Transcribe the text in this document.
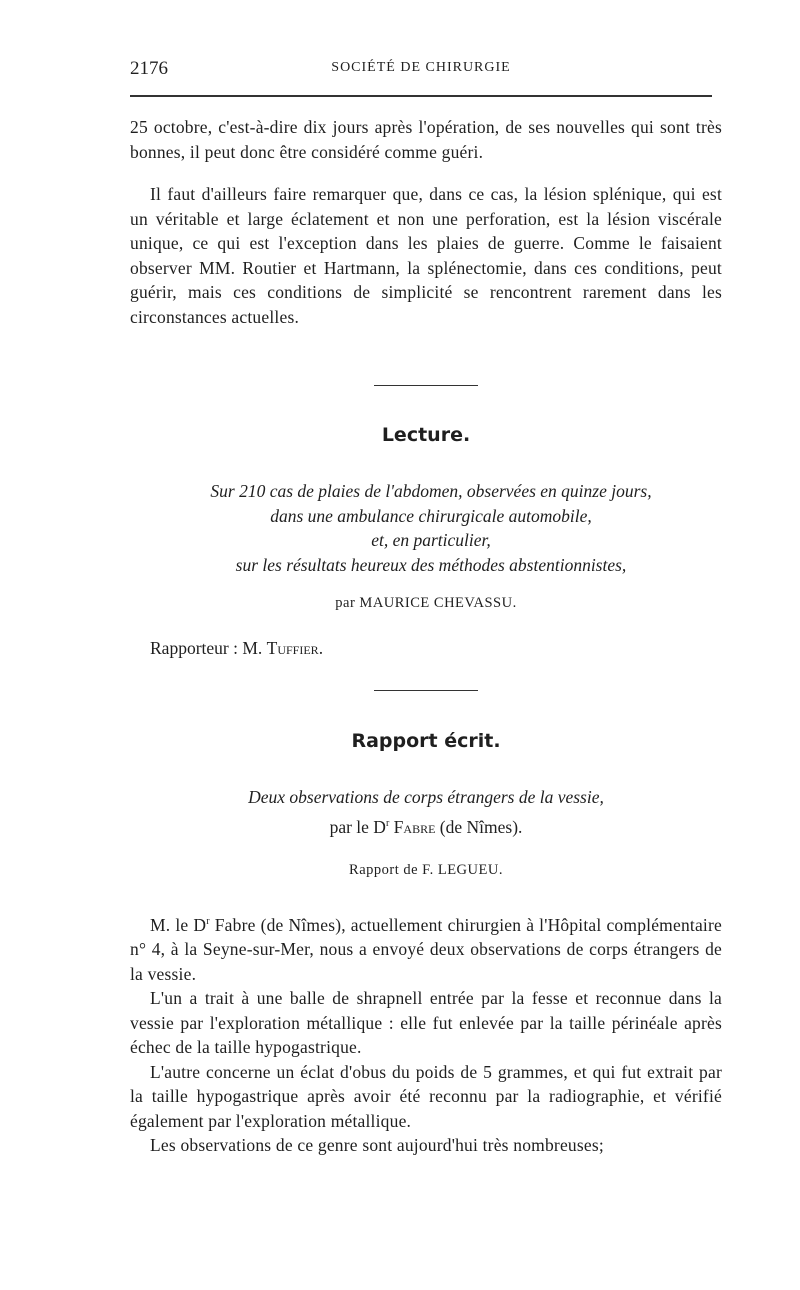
2176	SOCIÉTÉ DE CHIRURGIE

25 octobre, c'est-à-dire dix jours après l'opération, de ses nouvelles qui sont très bonnes, il peut donc être considéré comme guéri.

Il faut d'ailleurs faire remarquer que, dans ce cas, la lésion splénique, qui est un véritable et large éclatement et non une perforation, est la lésion viscérale unique, ce qui est l'exception dans les plaies de guerre. Comme le faisaient observer MM. Routier et Hartmann, la splénectomie, dans ces conditions, peut guérir, mais ces conditions de simplicité se rencontrent rarement dans les circonstances actuelles.

Lecture.

Sur 210 cas de plaies de l'abdomen, observées en quinze jours,

dans une ambulance chirurgicale automobile,

et, en particulier,

sur les résultats heureux des méthodes abstentionnistes,

par MAURICE CHEVASSU.
Rapporteur : M. Tuffier.
Rapport écrit.

Deux observations de corps étrangers de la vessie,

par le $D^r$ Fabre (de Nîmes).
Rapport de F. LEGUEU.

M. le $D^r$ Fabre (de Nîmes), actuellement chirurgien à l'Hôpital complémentaire n° 4, à la Seyne-sur-Mer, nous a envoyé deux observations de corps étrangers de la vessie.

L'un a trait à une balle de shrapnell entrée par la fesse et reconnue dans la vessie par l'exploration métallique : elle fut enlevée par la taille périnéale après échec de la taille hypogastrique.

L'autre concerne un éclat d'obus du poids de 5 grammes, et qui fut extrait par la taille hypogastrique après avoir été reconnu par la radiographie, et vérifié également par l'exploration métallique.

Les observations de ce genre sont aujourd'hui très nombreuses;
